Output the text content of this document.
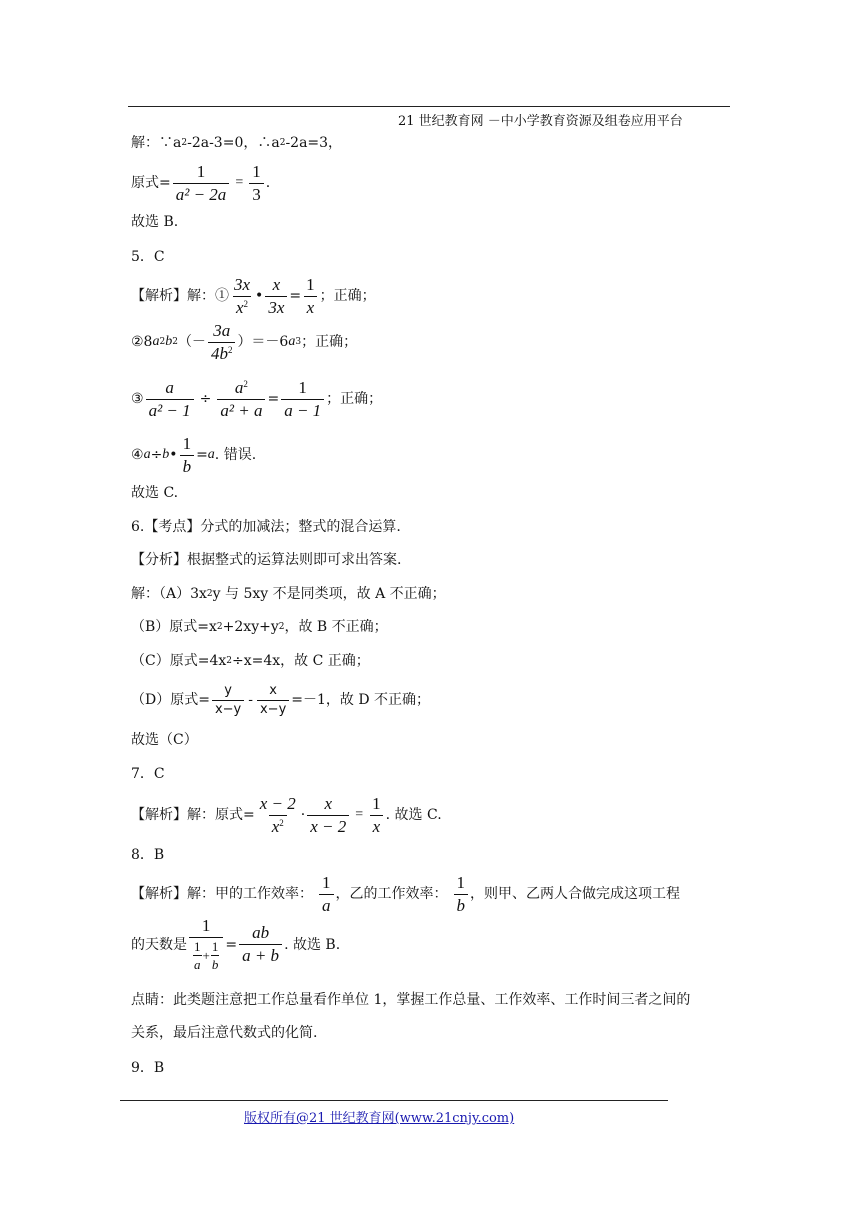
21 世纪教育网 －中小学教育资源及组卷应用平台
解：∵a 2 -2a-3=0，∴a 2 -2a=3，
原式= $\frac{1}{\text{a² − 2a}} = \frac{1}{3}$ .
故选 B.
5．C
【解析】解：① $\frac{3x}{x^2}$ • $\frac{x}{3x} = \frac{1}{x}$ ；正确；
②8 a 2 b 2 （－ $\frac{3a}{4b^2} )=-6$ a 3 ；正确；
③ $\frac{a}{\text{a² − 1}} \div \frac{a^2}{\text{a² + a}} = \frac{1}{a - 1}$ ；正确；
④ a ÷ b • $\frac{1}{b} = a$ . 错误.
故选 C.
6.【考点】分式的加减法；整式的混合运算.
【分析】根据整式的运算法则即可求出答案.
解：（A）3x 2 y 与 5xy 不是同类项，故 A 不正确；
（B）原式=x 2 +2xy+y 2 ，故 B 不正确；
（C）原式=4x 2 ÷x=4x，故 C 正确；
（D）原式= $\frac{y}{x-y} - \frac{x}{x-y} =-1$，故 D 不正确；
故选（C）
7．C
【解析】解：原式= $\frac{x - 2}{x^2} \cdot \frac{x}{x - 2} = \frac{1}{x}$ . 故选 C.
8．B
【解析】解：甲的工作效率： $\frac{1}{a}$ ，乙的工作效率： $\frac{1}{b}$ ，则甲、乙两人合做完成这项工程
的天数是 $\frac{1}{\frac{1}{a} + \frac{1}{b}} = \frac{ab}{a + b}$ . 故选 B.
点睛：此类题注意把工作总量看作单位 1，掌握工作总量、工作效率、工作时间三者之间的
关系，最后注意代数式的化简.
9．B
版权所有@21 世纪教育网(www.21cnjy.com)
